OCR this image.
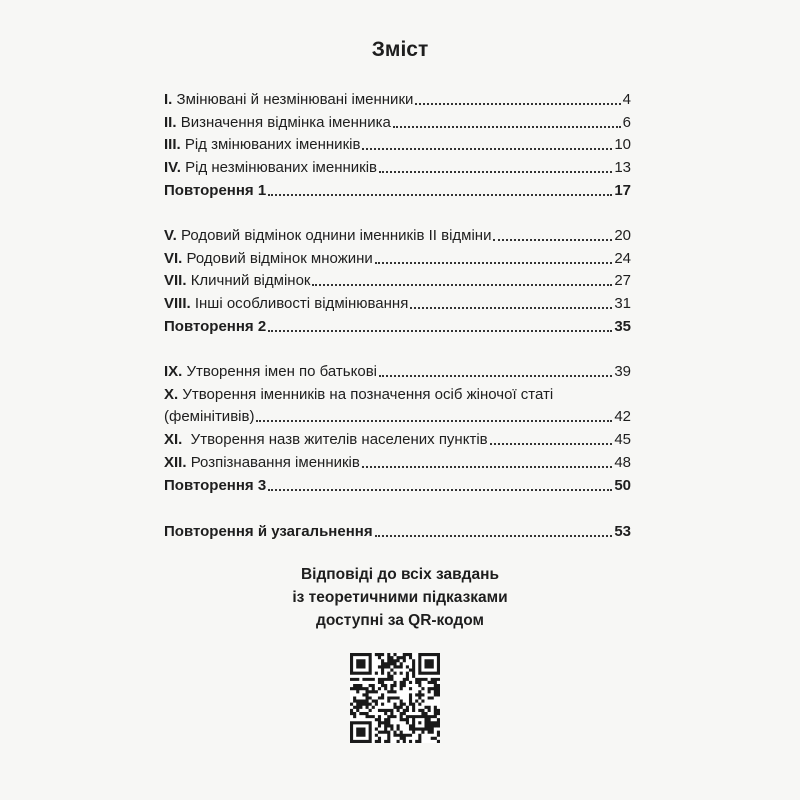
Зміст
I. Змінювані й незмінювані іменники	4
II. Визначення відмінка іменника	6
III. Рід змінюваних іменників	10
IV. Рід незмінюваних іменників	13
Повторення 1	17
V. Родовий відмінок однини іменників ІІ відміни	20
VI. Родовий відмінок множини	24
VII. Кличний відмінок	27
VIII. Інші особливості відмінювання	31
Повторення 2	35
IX. Утворення імен по батькові	39
X.
Утворення іменників на позначення осіб жіночої статі
(фемінітивів)	42
XI.  Утворення назв жителів населених пунктів	45
XII. Розпізнавання іменників	48
Повторення 3	50
Повторення й узагальнення	53
Відповіді до всіх завдань
із теоретичними підказками
доступні за QR-кодом
